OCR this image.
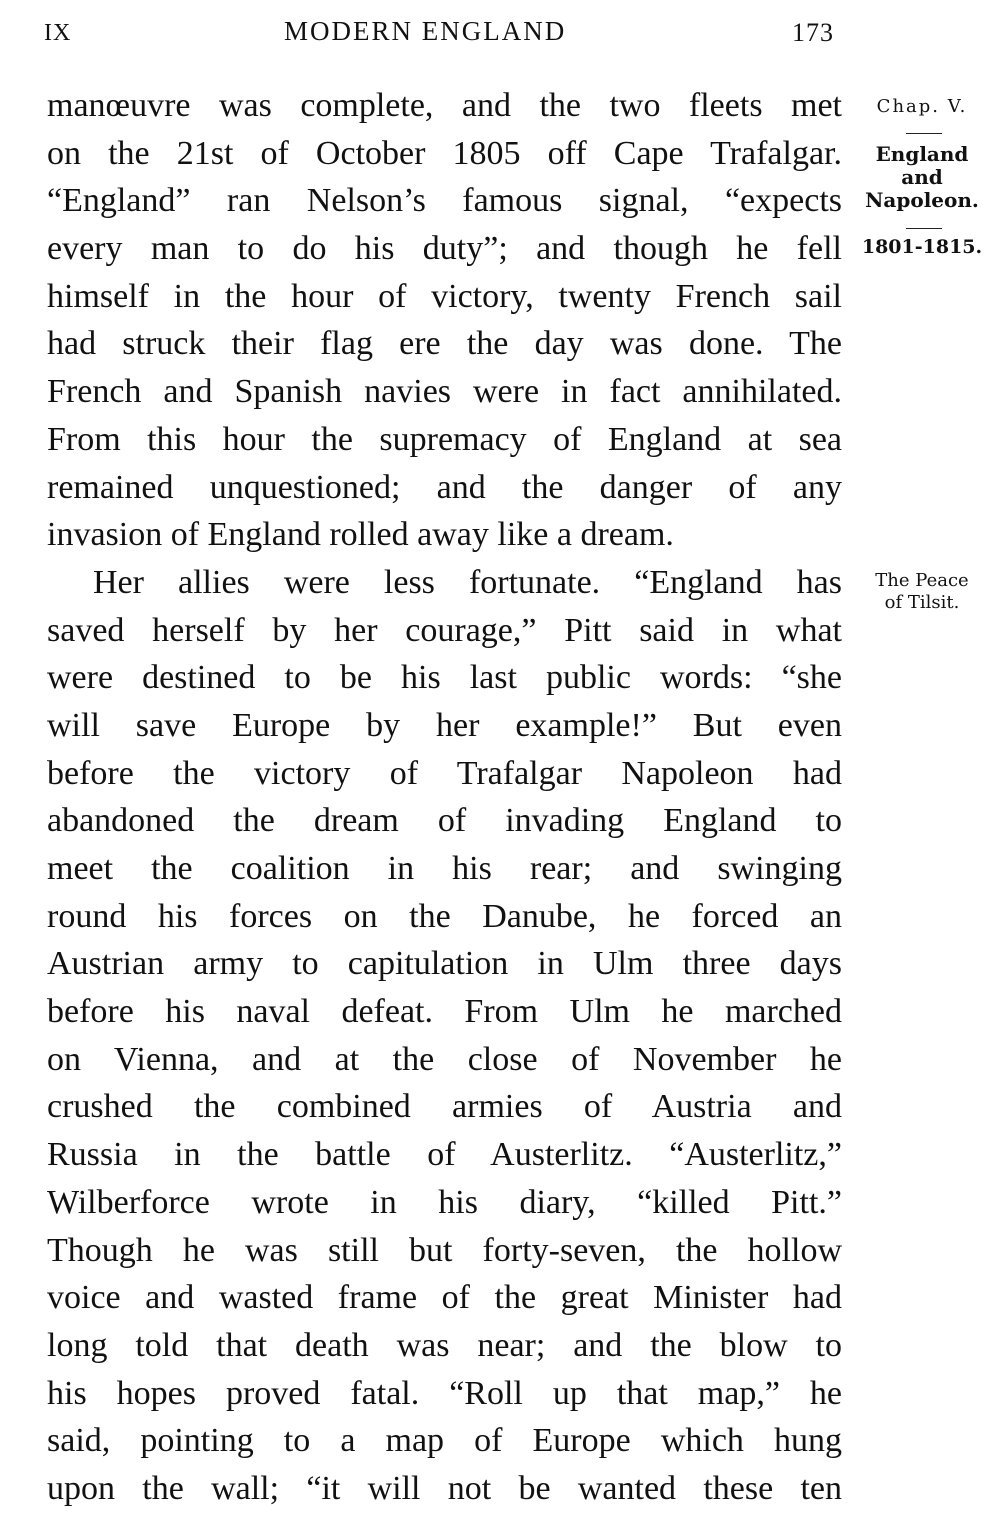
IX	MODERN ENGLAND	173
manœuvre was complete, and the two fleets met
on the 21st of October 1805 off Cape Trafalgar.
“England” ran Nelson’s famous signal, “expects
every man to do his duty”; and though he fell
himself in the hour of victory, twenty French sail
had struck their flag ere the day was done. The
French and Spanish navies were in fact annihilated.
From this hour the supremacy of England at sea
remained unquestioned; and the danger of any
invasion of England rolled away like a dream.
Her allies were less fortunate. “England has
saved herself by her courage,” Pitt said in what
were destined to be his last public words: “she
will save Europe by her example!” But even
before the victory of Trafalgar Napoleon had
abandoned the dream of invading England to
meet the coalition in his rear; and swinging
round his forces on the Danube, he forced an
Austrian army to capitulation in Ulm three days
before his naval defeat. From Ulm he marched
on Vienna, and at the close of November he
crushed the combined armies of Austria and
Russia in the battle of Austerlitz. “Austerlitz,”
Wilberforce wrote in his diary, “killed Pitt.”
Though he was still but forty-seven, the hollow
voice and wasted frame of the great Minister had
long told that death was near; and the blow to
his hopes proved fatal. “Roll up that map,” he
said, pointing to a map of Europe which hung
upon the wall; “it will not be wanted these ten
Chap. V.
England
and
Napoleon.
1801-1815.
The Peace
of Tilsit.
